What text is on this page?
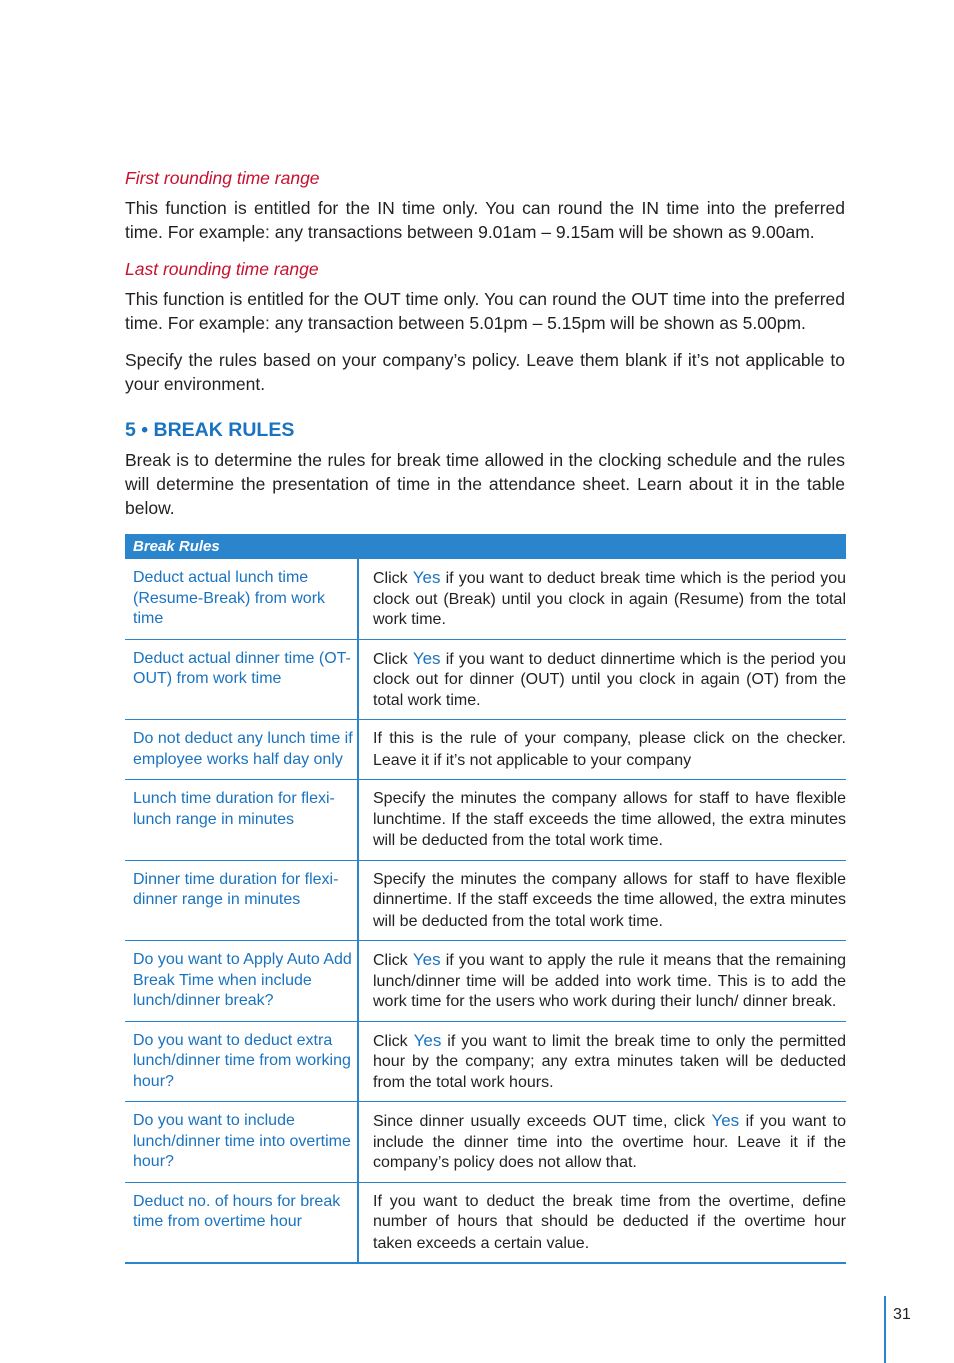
First rounding time range
This function is entitled for the IN time only. You can round the IN time into the preferred time. For example: any transactions between 9.01am – 9.15am will be shown as 9.00am.
Last rounding time range
This function is entitled for the OUT time only. You can round the OUT time into the preferred time. For example: any transaction between 5.01pm – 5.15pm will be shown as 5.00pm.
Specify the rules based on your company’s policy. Leave them blank if it’s not applicable to your environment.
5 • BREAK RULES
Break is to determine the rules for break time allowed in the clocking schedule and the rules will determine the presentation of time in the attendance sheet. Learn about it in the table below.
Break Rules	
Deduct actual lunch time (Resume-Break) from work time	Click Yes if you want to deduct break time which is the period you clock out (Break) until you clock in again (Resume) from the total work time.
Deduct actual dinner time (OT-OUT) from work time	Click Yes if you want to deduct dinnertime which is the period you clock out for dinner (OUT) until you clock in again (OT) from the total work time.
Do not deduct any lunch time if employee works half day only	If this is the rule of your company, please click on the checker. Leave it if it’s not applicable to your company
Lunch time duration for flexi-lunch range in minutes	Specify the minutes the company allows for staff to have flexible lunchtime. If the staff exceeds the time allowed, the extra minutes will be deducted from the total work time.
Dinner time duration for flexi-dinner range in minutes	Specify the minutes the company allows for staff to have flexible dinnertime. If the staff exceeds the time allowed, the extra minutes will be deducted from the total work time.
Do you want to Apply Auto Add Break Time when include lunch/dinner break?	Click Yes if you want to apply the rule it means that the remaining lunch/dinner time will be added into work time. This is to add the work time for the users who work during their lunch/ dinner break.
Do you want to deduct extra lunch/dinner time from working hour?	Click Yes if you want to limit the break time to only the permitted hour by the company; any extra minutes taken will be deducted from the total work hours.
Do you want to include lunch/dinner time into overtime hour?	Since dinner usually exceeds OUT time, click Yes if you want to include the dinner time into the overtime hour. Leave it if the company’s policy does not allow that.
Deduct no. of hours for break time from overtime hour	If you want to deduct the break time from the overtime, define number of hours that should be deducted if the overtime hour taken exceeds a certain value.
31
